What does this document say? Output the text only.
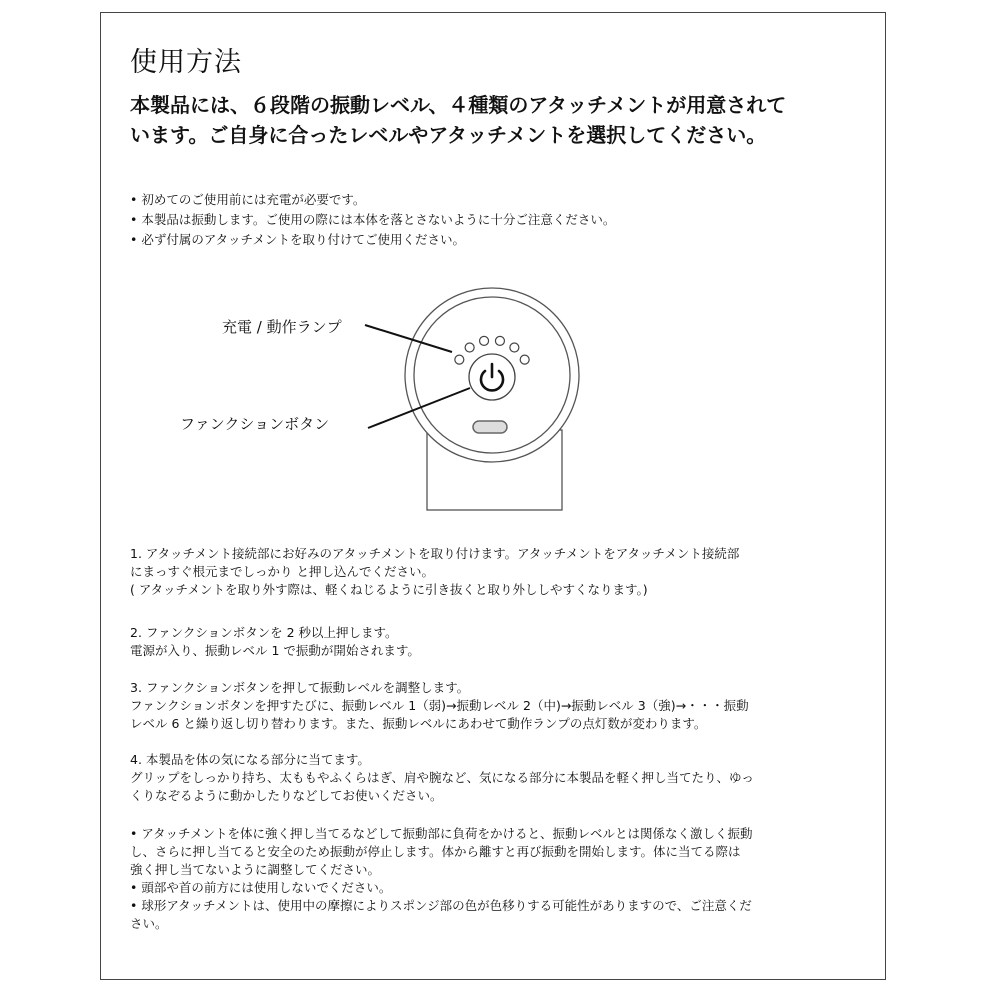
使用方法
本製品には、６段階の振動レベル、４種類のアタッチメントが用意されて
います。ご自身に合ったレベルやアタッチメントを選択してください。
• 初めてのご使用前には充電が必要です。
• 本製品は振動します。ご使用の際には本体を落とさないように十分ご注意ください。
• 必ず付属のアタッチメントを取り付けてご使用ください。
充電 / 動作ランプ
ファンクションボタン

1. アタッチメント接続部にお好みのアタッチメントを取り付けます。アタッチメントをアタッチメント接続部

にまっすぐ根元までしっかり と押し込んでください。

( アタッチメントを取り外す際は、軽くねじるように引き抜くと取り外ししやすくなります。)

2. ファンクションボタンを 2 秒以上押します。

電源が入り、振動レベル 1 で振動が開始されます。

3. ファンクションボタンを押して振動レベルを調整します。

ファンクションボタンを押すたびに、振動レベル 1（弱)→振動レベル 2（中)→振動レベル 3（強)→・・・振動

レベル 6 と繰り返し切り替わります。また、振動レベルにあわせて動作ランプの点灯数が変わります。

4. 本製品を体の気になる部分に当てます。

グリップをしっかり持ち、太ももやふくらはぎ、肩や腕など、気になる部分に本製品を軽く押し当てたり、ゆっ

くりなぞるように動かしたりなどしてお使いください。

• アタッチメントを体に強く押し当てるなどして振動部に負荷をかけると、振動レベルとは関係なく激しく振動

し、さらに押し当てると安全のため振動が停止します。体から離すと再び振動を開始します。体に当てる際は

強く押し当てないように調整してください。

• 頭部や首の前方には使用しないでください。

• 球形アタッチメントは、使用中の摩擦によりスポンジ部の色が色移りする可能性がありますので、ご注意くだ

さい。
